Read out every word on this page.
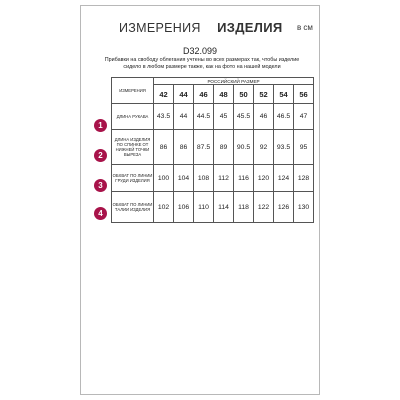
ИЗМЕРЕНИЯ ИЗДЕЛИЯ в см
D32.099
Прибавки на свободу облегания учтены во всех размерах так, чтобы изделие сидело в любом размере также, как на фото на нашей модели
ИЗМЕРЕНИЯ	РОССИЙСКИЙ РАЗМЕР							
	42	44	46	48	50	52	54	56
ДЛИНА РУКАВА	43.5	44	44.5	45	45.5	46	46.5	47
ДЛИНА ИЗДЕЛИЯ ПО СПИНКЕ ОТ НИЖНЕЙ ТОЧКИ ВЫРЕЗА	86	86	87.5	89	90.5	92	93.5	95
ОБХВАТ ПО ЛИНИИ ГРУДИ ИЗДЕЛИЯ	100	104	108	112	116	120	124	128
ОБХВАТ ПО ЛИНИИ ТАЛИИ ИЗДЕЛИЯ	102	106	110	114	118	122	126	130
1
2
3
4
